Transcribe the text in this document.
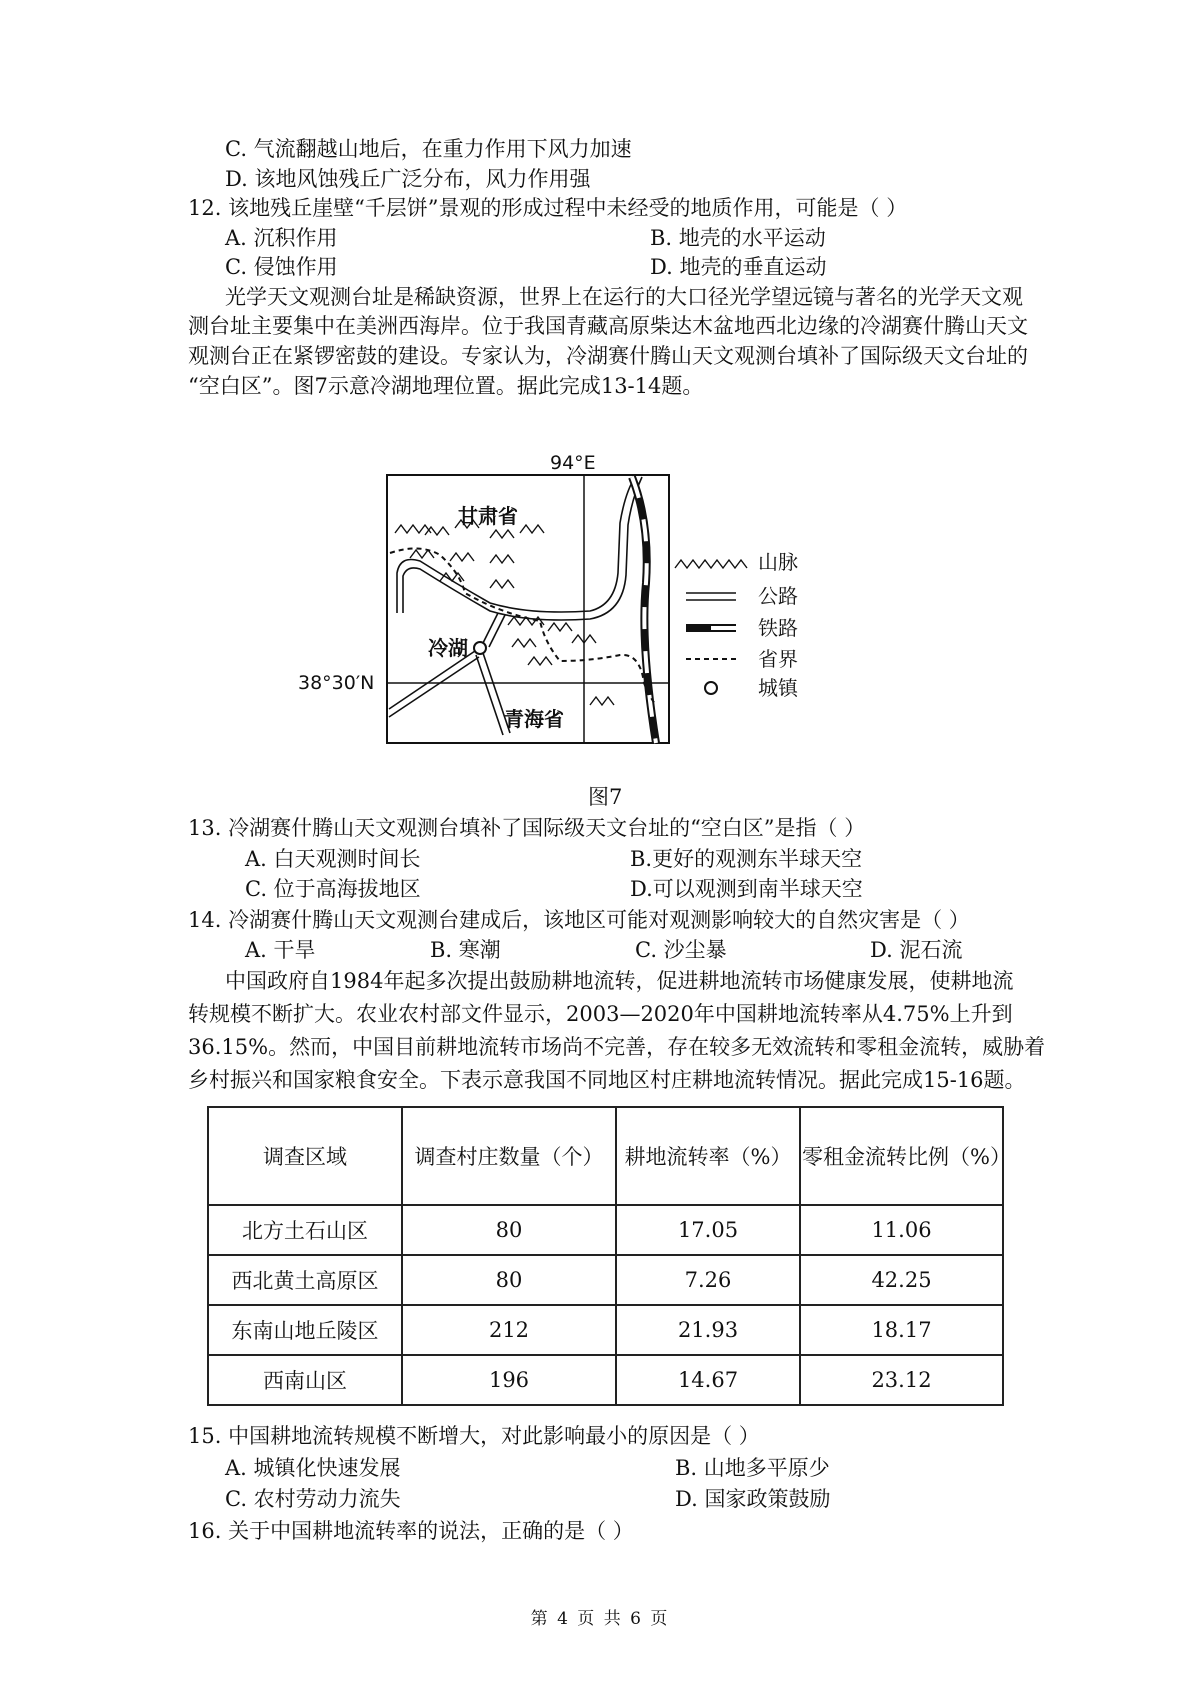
C. 气流翻越山地后，在重力作用下风力加速
D. 该地风蚀残丘广泛分布，风力作用强
12. 该地残丘崖壁“千层饼”景观的形成过程中未经受的地质作用，可能是（ ）
A. 沉积作用	B. 地壳的水平运动
C. 侵蚀作用	D. 地壳的垂直运动
光学天文观测台址是稀缺资源，世界上在运行的大口径光学望远镜与著名的光学天文观
测台址主要集中在美洲西海岸。位于我国青藏高原柴达木盆地西北边缘的冷湖赛什腾山天文
观测台正在紧锣密鼓的建设。专家认为，冷湖赛什腾山天文观测台填补了国际级天文台址的
“空白区”。图7示意冷湖地理位置。据此完成13-14题。
94°E
38°30′N
冷湖
甘肃省
青海省
山脉
公路
铁路
省界
城镇
图7
13. 冷湖赛什腾山天文观测台填补了国际级天文台址的“空白区”是指（ ）
A. 白天观测时间长	B.更好的观测东半球天空
C. 位于高海拔地区	D.可以观测到南半球天空
14. 冷湖赛什腾山天文观测台建成后，该地区可能对观测影响较大的自然灾害是（ ）
A. 干旱	B. 寒潮	C. 沙尘暴	D. 泥石流
中国政府自1984年起多次提出鼓励耕地流转，促进耕地流转市场健康发展，使耕地流
转规模不断扩大。农业农村部文件显示，2003—2020年中国耕地流转率从4.75%上升到
36.15%。然而，中国目前耕地流转市场尚不完善，存在较多无效流转和零租金流转，威胁着
乡村振兴和国家粮食安全。下表示意我国不同地区村庄耕地流转情况。据此完成15-16题。
调查区域	调查村庄数量（个）	耕地流转率（%）	零租金流转比例（%）
北方土石山区	80	17.05	11.06
西北黄土高原区	80	7.26	42.25
东南山地丘陵区	212	21.93	18.17
西南山区	196	14.67	23.12
15. 中国耕地流转规模不断增大，对此影响最小的原因是（ ）
A. 城镇化快速发展	B. 山地多平原少
C. 农村劳动力流失	D. 国家政策鼓励
16. 关于中国耕地流转率的说法，正确的是（ ）
第 4 页 共 6 页
